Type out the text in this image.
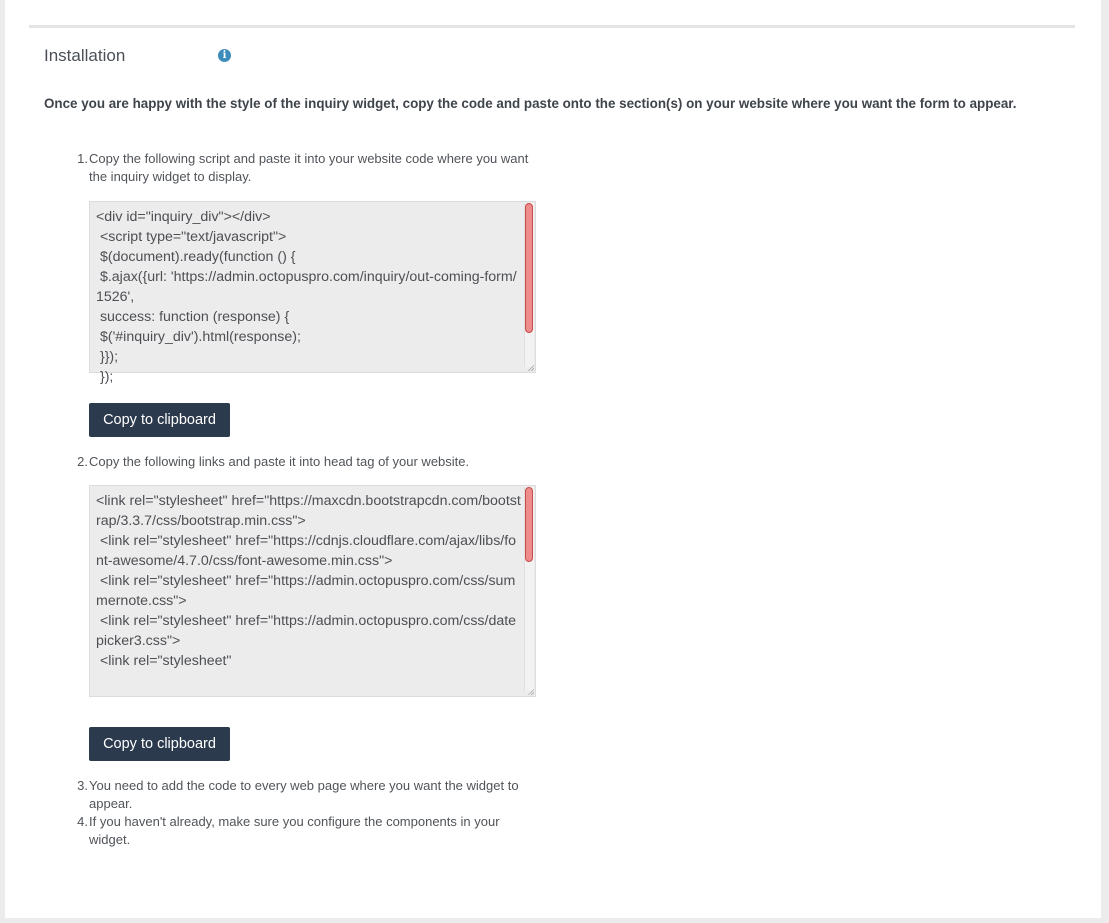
Installation	i
Once you are happy with the style of the inquiry widget, copy the code and paste onto the section(s) on your website where you want the form to appear.
1. Copy the following script and paste it into your website code where you want the inquiry widget to display.
<div id="inquiry_div"></div>
<script type="text/javascript">
$(document).ready(function () {
$.ajax({url: 'https://admin.octopuspro.com/inquiry/out-coming-form/1526',
success: function (response) {
$('#inquiry_div').html(response);
}});
});
Copy to clipboard
2. Copy the following links and paste it into head tag of your website.
<link rel="stylesheet" href="https://maxcdn.bootstrapcdn.com/bootstrap/3.3.7/css/bootstrap.min.css">
<link rel="stylesheet" href="https://cdnjs.cloudflare.com/ajax/libs/font-awesome/4.7.0/css/font-awesome.min.css">
<link rel="stylesheet" href="https://admin.octopuspro.com/css/summernote.css">
<link rel="stylesheet" href="https://admin.octopuspro.com/css/datepicker3.css">
<link rel="stylesheet"
Copy to clipboard
3. You need to add the code to every web page where you want the widget to appear.
4. If you haven't already, make sure you configure the components in your widget.
